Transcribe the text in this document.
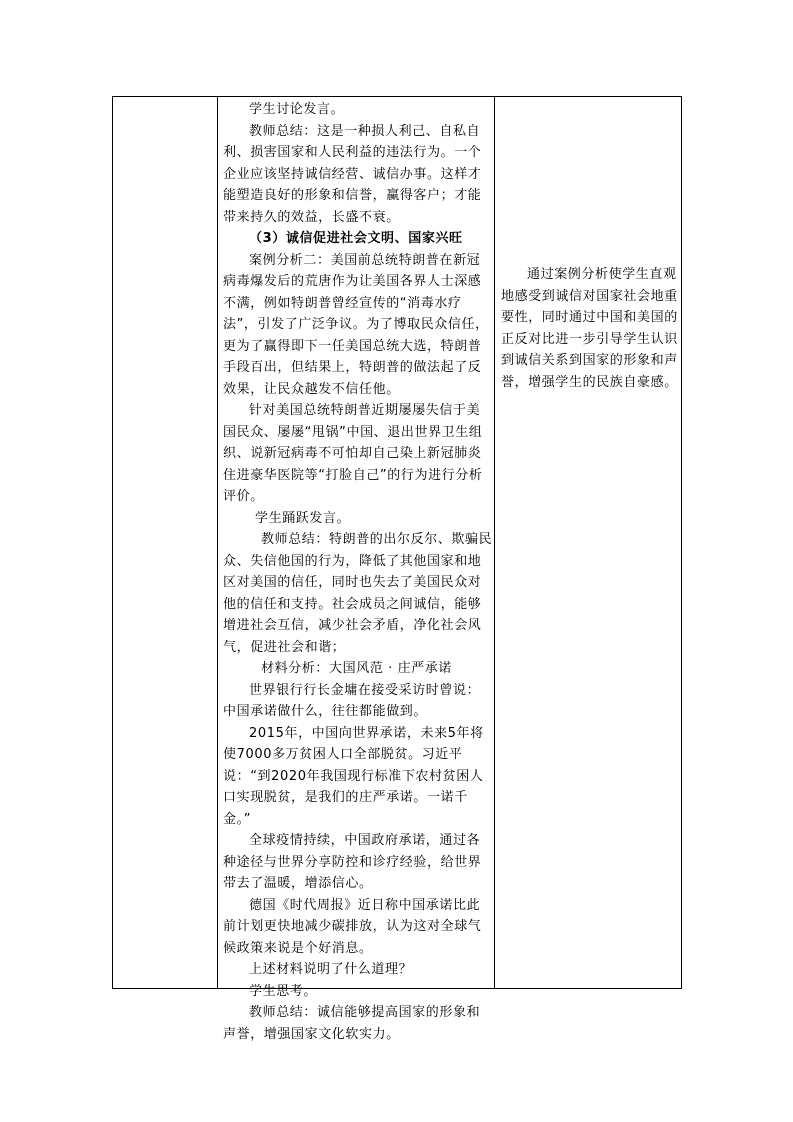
学生讨论发言。

教师总结：这是一种损人利己、自私自利、损害国家和人民利益的违法行为。一个企业应该坚持诚信经营、诚信办事。这样才能塑造良好的形象和信誉，赢得客户；才能带来持久的效益，长盛不衰。

（3）诚信促进社会文明、国家兴旺

案例分析二：美国前总统特朗普在新冠病毒爆发后的荒唐作为让美国各界人士深感不满，例如特朗普曾经宣传的“消毒水疗法”，引发了广泛争议。为了博取民众信任，更为了赢得即下一任美国总统大选，特朗普手段百出，但结果上，特朗普的做法起了反效果，让民众越发不信任他。

针对美国总统特朗普近期屡屡失信于美国民众、屡屡“甩锅”中国、退出世界卫生组织、说新冠病毒不可怕却自己染上新冠肺炎住进豪华医院等“打脸自己”的行为进行分析评价。

学生踊跃发言。

教师总结：特朗普的出尔反尔、欺骗民众、失信他国的行为，降低了其他国家和地区对美国的信任，同时也失去了美国民众对他的信任和支持。社会成员之间诚信，能够增进社会互信，减少社会矛盾，净化社会风气，促进社会和谐；

材料分析：大国风范 · 庄严承诺

世界银行行长金墉在接受采访时曾说：中国承诺做什么，往往都能做到。

2015年，中国向世界承诺，未来5年将使7000多万贫困人口全部脱贫。习近平说：“到2020年我国现行标准下农村贫困人口实现脱贫，是我们的庄严承诺。一诺千金。”

全球疫情持续，中国政府承诺，通过各种途径与世界分享防控和诊疗经验，给世界带去了温暖，增添信心。

德国《时代周报》近日称中国承诺比此前计划更快地减少碳排放，认为这对全球气候政策来说是个好消息。

上述材料说明了什么道理？

学生思考。

教师总结：诚信能够提高国家的形象和声誉，增强国家文化软实力。

通过案例分析使学生直观地感受到诚信对国家社会地重要性，同时通过中国和美国的正反对比进一步引导学生认识到诚信关系到国家的形象和声誉，增强学生的民族自豪感。
